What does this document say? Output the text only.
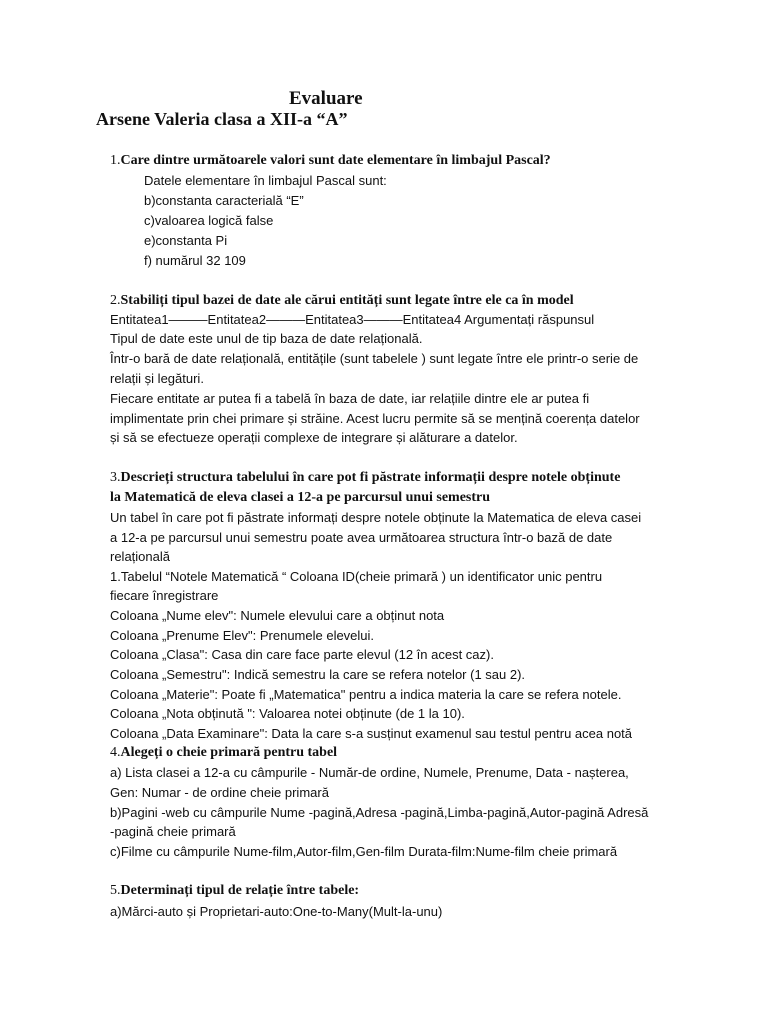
Evaluare
Arsene Valeria clasa a XII-a “A”
1.Care dintre următoarele valori sunt date elementare în limbajul Pascal?
Datele elementare în limbajul Pascal sunt:
b)constanta caracterială “E”
c)valoarea logică false
e)constanta Pi
f) numărul 32 109
2.Stabiliți tipul bazei de date ale cărui entități sunt legate între ele ca în model
Entitatea1———Entitatea2———Entitatea3———Entitatea4 Argumentați răspunsul
Tipul de date este unul de tip baza de date relațională.
Într-o bară de date relațională, entitățile (sunt tabelele ) sunt legate între ele printr-o serie de
relații și legături.
Fiecare entitate ar putea fi a tabelă în baza de date, iar relațiile dintre ele ar putea fi
implimentate prin chei primare și străine. Acest lucru permite să se mențină coerența datelor
și să se efectueze operații complexe de integrare și alăturare a datelor.
3.Descrieți structura tabelului în care pot fi păstrate informații despre notele obținute
la Matematică de eleva clasei a 12-a pe parcursul unui semestru
Un tabel în care pot fi păstrate informați despre notele obținute la Matematica de eleva casei
a 12-a pe parcursul unui semestru poate avea următoarea structura într-o bază de date
relațională
1.Tabelul “Notele Matematică “ Coloana ID(cheie primară ) un identificator unic pentru
fiecare înregistrare
Coloana „Nume elev": Numele elevului care a obținut nota
Coloana „Prenume Elev": Prenumele elevelui.
Coloana „Clasa": Casa din care face parte elevul (12 în acest caz).
Coloana „Semestru": Indică semestru la care se refera notelor (1 sau 2).
Coloana „Materie": Poate fi „Matematica" pentru a indica materia la care se refera notele.
Coloana „Nota obținută ": Valoarea notei obținute (de 1 la 10).
Coloana „Data Examinare": Data la care s-a susținut examenul sau testul pentru acea notă
4.Alegeți o cheie primară pentru tabel
a) Lista clasei a 12-a cu câmpurile - Număr-de ordine, Numele, Prenume, Data - nașterea,
Gen: Numar - de ordine cheie primară
b)Pagini -web cu câmpurile Nume -pagină,Adresa -pagină,Limba-pagină,Autor-pagină Adresă
-pagină cheie primară
c)Filme cu câmpurile Nume-film,Autor-film,Gen-film Durata-film:Nume-film cheie primară
5.Determinați tipul de relație între tabele:
a)Mărci-auto și Proprietari-auto:One-to-Many(Mult-la-unu)
